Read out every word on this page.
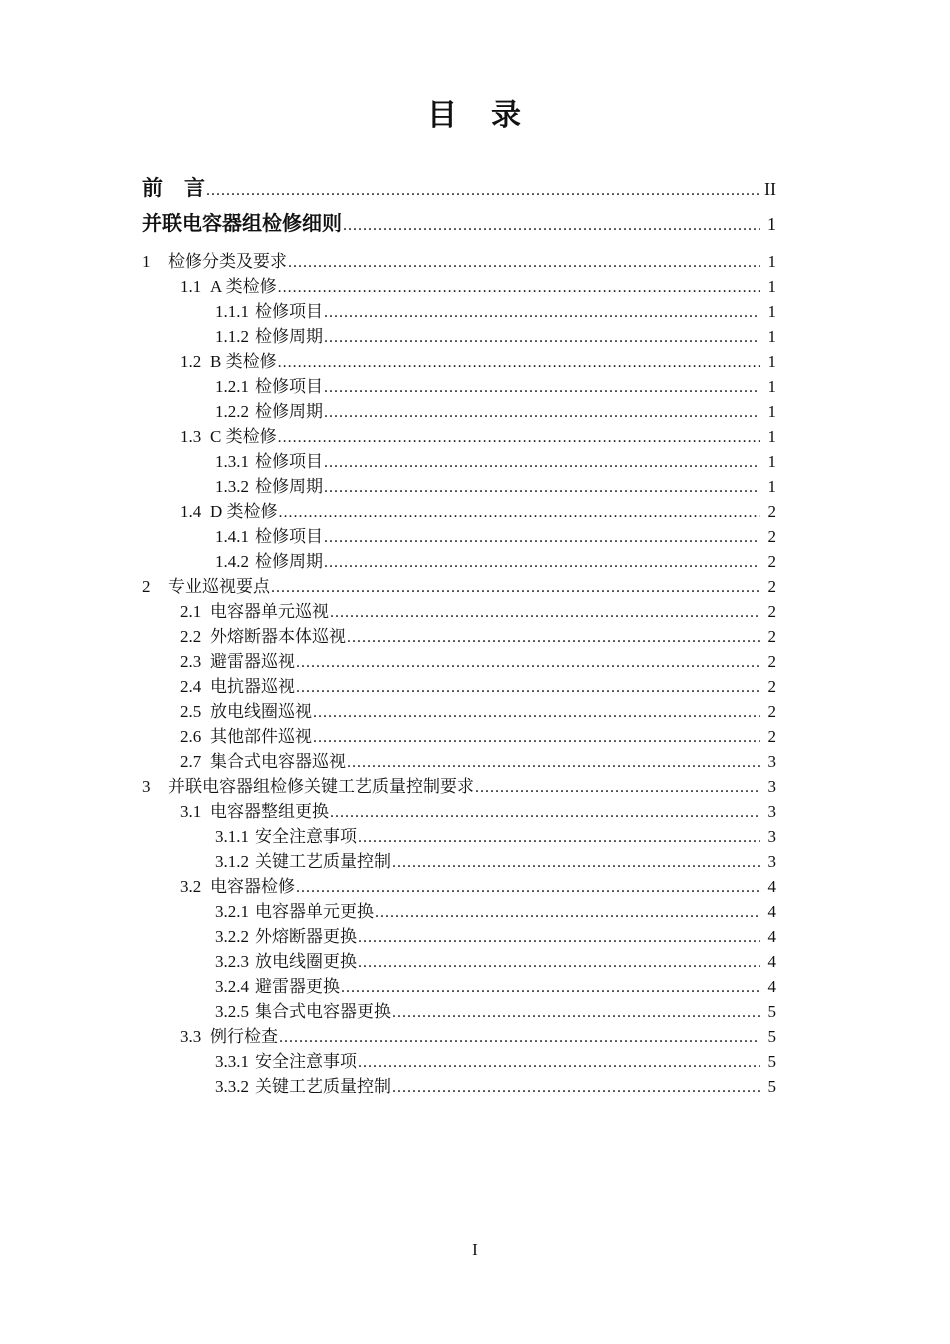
目　录
前　言 .....	II
并联电容器组检修细则 .....	1
1	检修分类及要求 .....	1
1.1 A 类检修 .....	1
1.1.1 检修项目 .....	1
1.1.2 检修周期 .....	1
1.2 B 类检修 .....	1
1.2.1 检修项目 .....	1
1.2.2 检修周期 .....	1
1.3 C 类检修 .....	1
1.3.1 检修项目 .....	1
1.3.2 检修周期 .....	1
1.4 D 类检修 .....	2
1.4.1 检修项目 .....	2
1.4.2 检修周期 .....	2
2	专业巡视要点 .....	2
2.1 电容器单元巡视 .....	2
2.2 外熔断器本体巡视 .....	2
2.3 避雷器巡视 .....	2
2.4 电抗器巡视 .....	2
2.5 放电线圈巡视 .....	2
2.6 其他部件巡视 .....	2
2.7 集合式电容器巡视 .....	3
3	并联电容器组检修关键工艺质量控制要求 .....	3
3.1 电容器整组更换 .....	3
3.1.1 安全注意事项 .....	3
3.1.2 关键工艺质量控制 .....	3
3.2 电容器检修 .....	4
3.2.1 电容器单元更换 .....	4
3.2.2 外熔断器更换 .....	4
3.2.3 放电线圈更换 .....	4
3.2.4 避雷器更换 .....	4
3.2.5 集合式电容器更换 .....	5
3.3 例行检查 .....	5
3.3.1 安全注意事项 .....	5
3.3.2 关键工艺质量控制 .....	5
I
